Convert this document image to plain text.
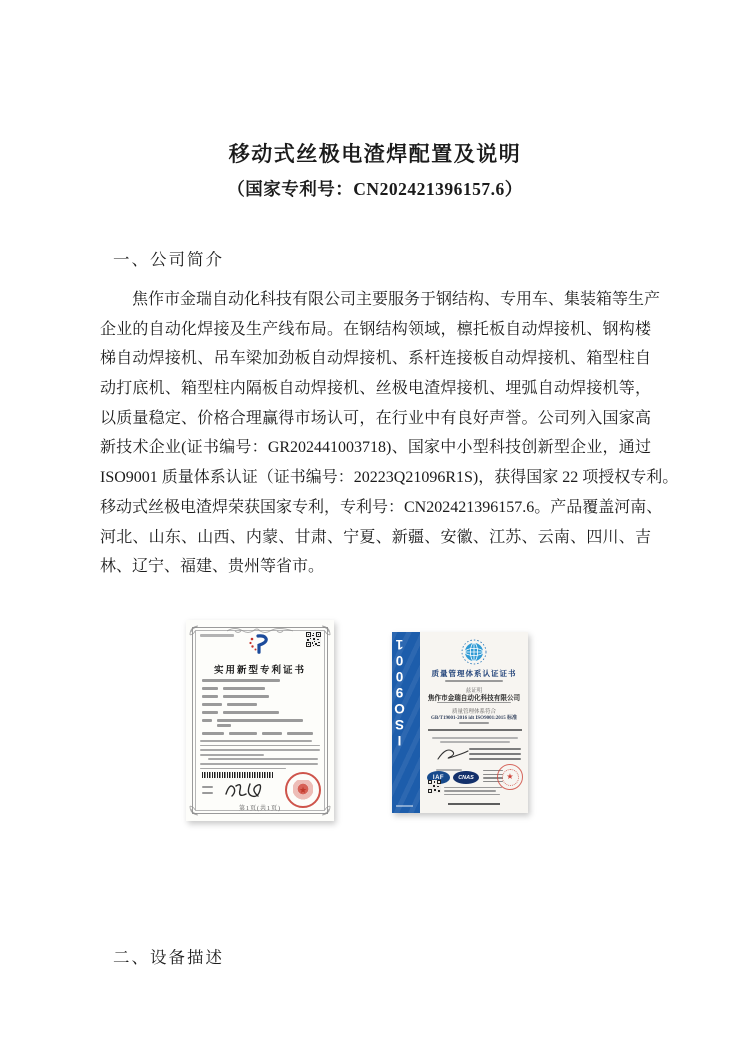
移动式丝极电渣焊配置及说明
（国家专利号：CN202421396157.6）
一、公司简介
焦作市金瑞自动化科技有限公司主要服务于钢结构、专用车、集装箱等生产
企业的自动化焊接及生产线布局。在钢结构领域，檩托板自动焊接机、钢构楼
梯自动焊接机、吊车梁加劲板自动焊接机、系杆连接板自动焊接机、箱型柱自
动打底机、箱型柱内隔板自动焊接机、丝极电渣焊接机、埋弧自动焊接机等，
以质量稳定、价格合理赢得市场认可，在行业中有良好声誉。公司列入国家高
新技术企业(证书编号：GR202441003718)、国家中小型科技创新型企业，通过
ISO9001 质量体系认证（证书编号：20223Q21096R1S)，获得国家 22 项授权专利。
移动式丝极电渣焊荣获国家专利，专利号：CN202421396157.6。产品覆盖河南、
河北、山东、山西、内蒙、甘肃、宁夏、新疆、安徽、江苏、云南、四川、吉
林、辽宁、福建、贵州等省市。
实用新型专利证书
★
第1页(共1页)
ISO9001	质量管理体系认证证书
兹证明
焦作市金瑞自动化科技有限公司
质量管理体系符合
GB/T19001-2016 idt ISO9001:2015 标准
IAF	CNAS	★
二、设备描述
